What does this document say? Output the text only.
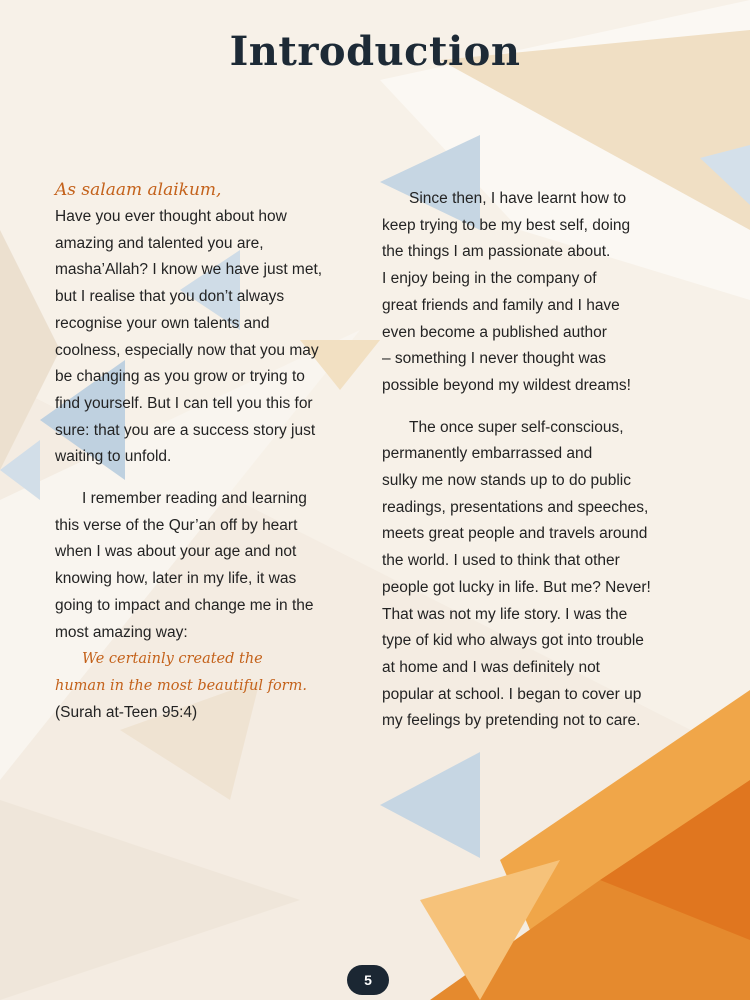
Introduction
As salaam alaikum,
Have you ever thought about how
amazing and talented you are,
masha’Allah? I know we have just met,
but I realise that you don’t always
recognise your own talents and
coolness, especially now that you may
be changing as you grow or trying to
find yourself. But I can tell you this for
sure: that you are a success story just
waiting to unfold.
I remember reading and learning
this verse of the Qur’an off by heart
when I was about your age and not
knowing how, later in my life, it was
going to impact and change me in the
most amazing way:
We certainly created the
human in the most beautiful form.
(Surah at-Teen 95:4)
Since then, I have learnt how to
keep trying to be my best self, doing
the things I am passionate about.
I enjoy being in the company of
great friends and family and I have
even become a published author
– something I never thought was
possible beyond my wildest dreams!
The once super self-conscious,
permanently embarrassed and
sulky me now stands up to do public
readings, presentations and speeches,
meets great people and travels around
the world. I used to think that other
people got lucky in life. But me? Never!
That was not my life story. I was the
type of kid who always got into trouble
at home and I was definitely not
popular at school. I began to cover up
my feelings by pretending not to care.
5
